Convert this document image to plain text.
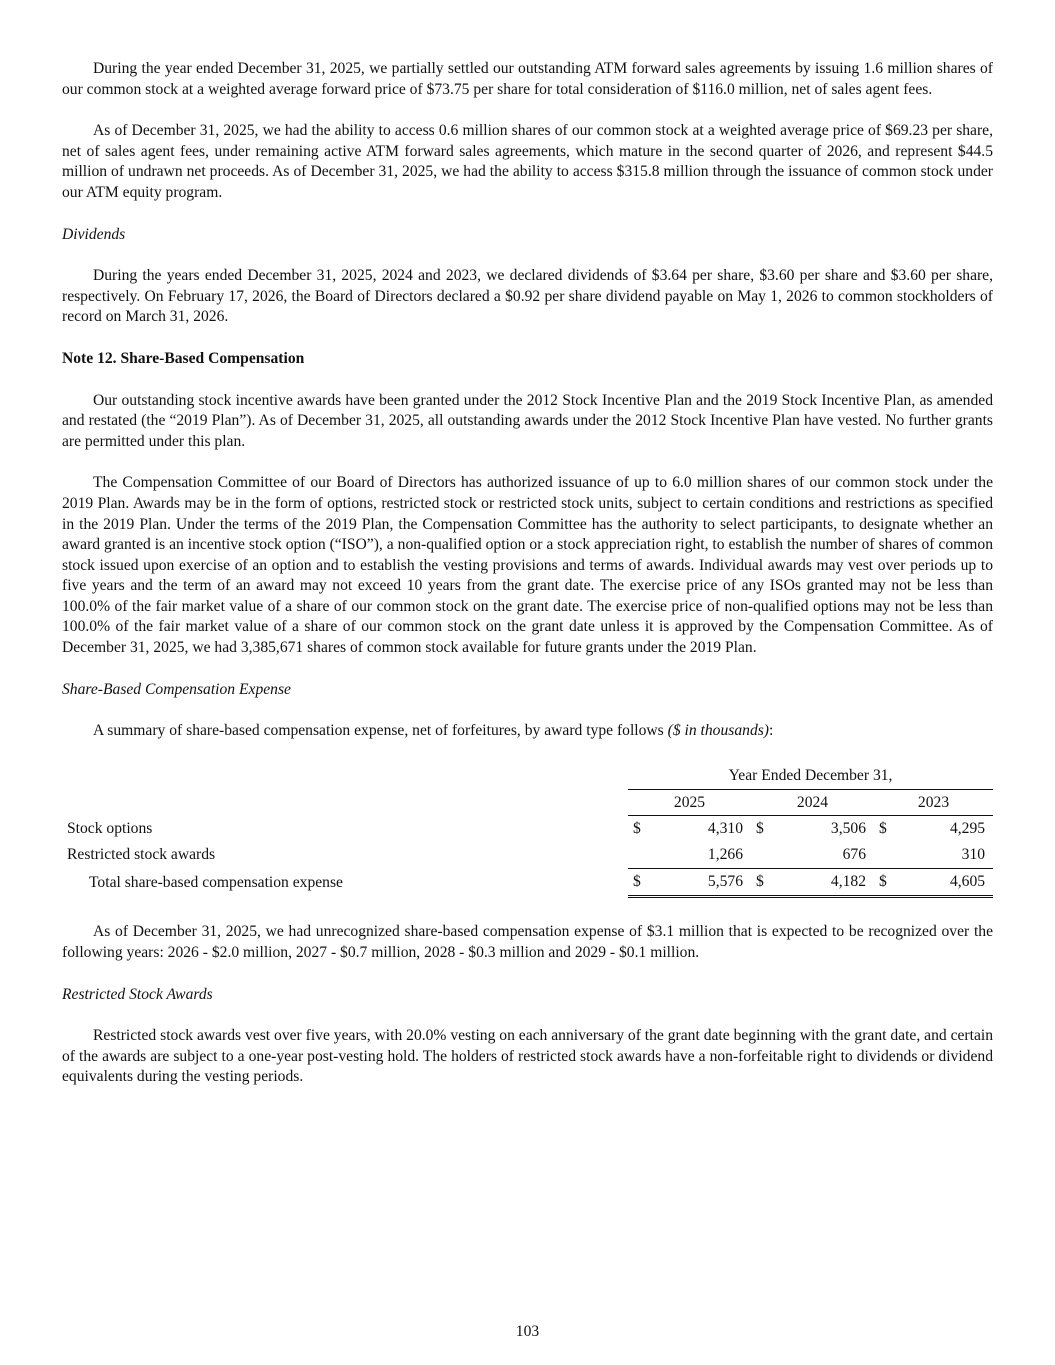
During the year ended December 31, 2025, we partially settled our outstanding ATM forward sales agreements by issuing 1.6 million shares of our common stock at a weighted average forward price of $73.75 per share for total consideration of $116.0 million, net of sales agent fees.

As of December 31, 2025, we had the ability to access 0.6 million shares of our common stock at a weighted average price of $69.23 per share, net of sales agent fees, under remaining active ATM forward sales agreements, which mature in the second quarter of 2026, and represent $44.5 million of undrawn net proceeds. As of December 31, 2025, we had the ability to access $315.8 million through the issuance of common stock under our ATM equity program.

Dividends

During the years ended December 31, 2025, 2024 and 2023, we declared dividends of $3.64 per share, $3.60 per share and $3.60 per share, respectively. On February 17, 2026, the Board of Directors declared a $0.92 per share dividend payable on May 1, 2026 to common stockholders of record on March 31, 2026.

Note 12. Share-Based Compensation

Our outstanding stock incentive awards have been granted under the 2012 Stock Incentive Plan and the 2019 Stock Incentive Plan, as amended and restated (the “2019 Plan”). As of December 31, 2025, all outstanding awards under the 2012 Stock Incentive Plan have vested. No further grants are permitted under this plan.

The Compensation Committee of our Board of Directors has authorized issuance of up to 6.0 million shares of our common stock under the 2019 Plan. Awards may be in the form of options, restricted stock or restricted stock units, subject to certain conditions and restrictions as specified in the 2019 Plan. Under the terms of the 2019 Plan, the Compensation Committee has the authority to select participants, to designate whether an award granted is an incentive stock option (“ISO”), a non-qualified option or a stock appreciation right, to establish the number of shares of common stock issued upon exercise of an option and to establish the vesting provisions and terms of awards. Individual awards may vest over periods up to five years and the term of an award may not exceed 10 years from the grant date. The exercise price of any ISOs granted may not be less than 100.0% of the fair market value of a share of our common stock on the grant date. The exercise price of non-qualified options may not be less than 100.0% of the fair market value of a share of our common stock on the grant date unless it is approved by the Compensation Committee. As of December 31, 2025, we had 3,385,671 shares of common stock available for future grants under the 2019 Plan.

Share-Based Compensation Expense

A summary of share-based compensation expense, net of forfeitures, by award type follows ($ in thousands):

	Year Ended December 31,					
	2025		2024		2023	
Stock options	$	4,310	$	3,506	$	4,295
Restricted stock awards		1,266		676		310
Total share-based compensation expense	$	5,576	$	4,182	$	4,605

As of December 31, 2025, we had unrecognized share-based compensation expense of $3.1 million that is expected to be recognized over the following years: 2026 - $2.0 million, 2027 - $0.7 million, 2028 - $0.3 million and 2029 - $0.1 million.

Restricted Stock Awards

Restricted stock awards vest over five years, with 20.0% vesting on each anniversary of the grant date beginning with the grant date, and certain of the awards are subject to a one-year post-vesting hold. The holders of restricted stock awards have a non-forfeitable right to dividends or dividend equivalents during the vesting periods.

103
